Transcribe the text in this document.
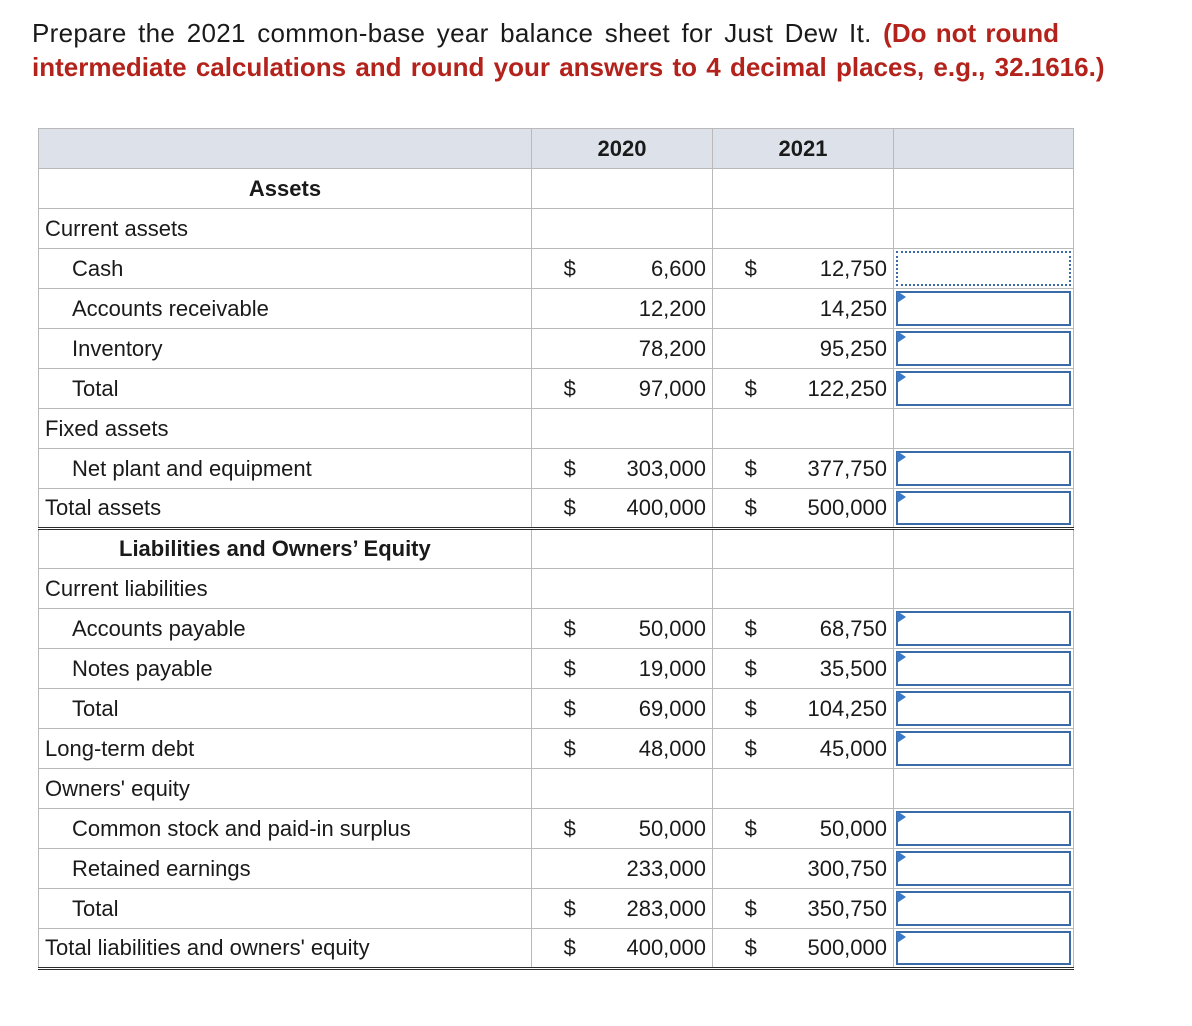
Prepare the 2021 common-base year balance sheet for Just Dew It. (Do not round intermediate calculations and round your answers to 4 decimal places, e.g., 32.1616.)
	2020		2021		
Assets					
Current assets					
Cash	$	6,600	$	12,750	

Accounts receivable		12,200		14,250	

Inventory		78,200		95,250	

Total	$	97,000	$	122,250	

Fixed assets					
Net plant and equipment	$	303,000	$	377,750	

Total assets	$	400,000	$	500,000	

Liabilities and Owners’ Equity					
Current liabilities					
Accounts payable	$	50,000	$	68,750	

Notes payable	$	19,000	$	35,500	

Total	$	69,000	$	104,250	

Long-term debt	$	48,000	$	45,000	

Owners' equity					
Common stock and paid-in surplus	$	50,000	$	50,000	

Retained earnings		233,000		300,750	

Total	$	283,000	$	350,750	

Total liabilities and owners' equity	$	400,000	$	500,000	
